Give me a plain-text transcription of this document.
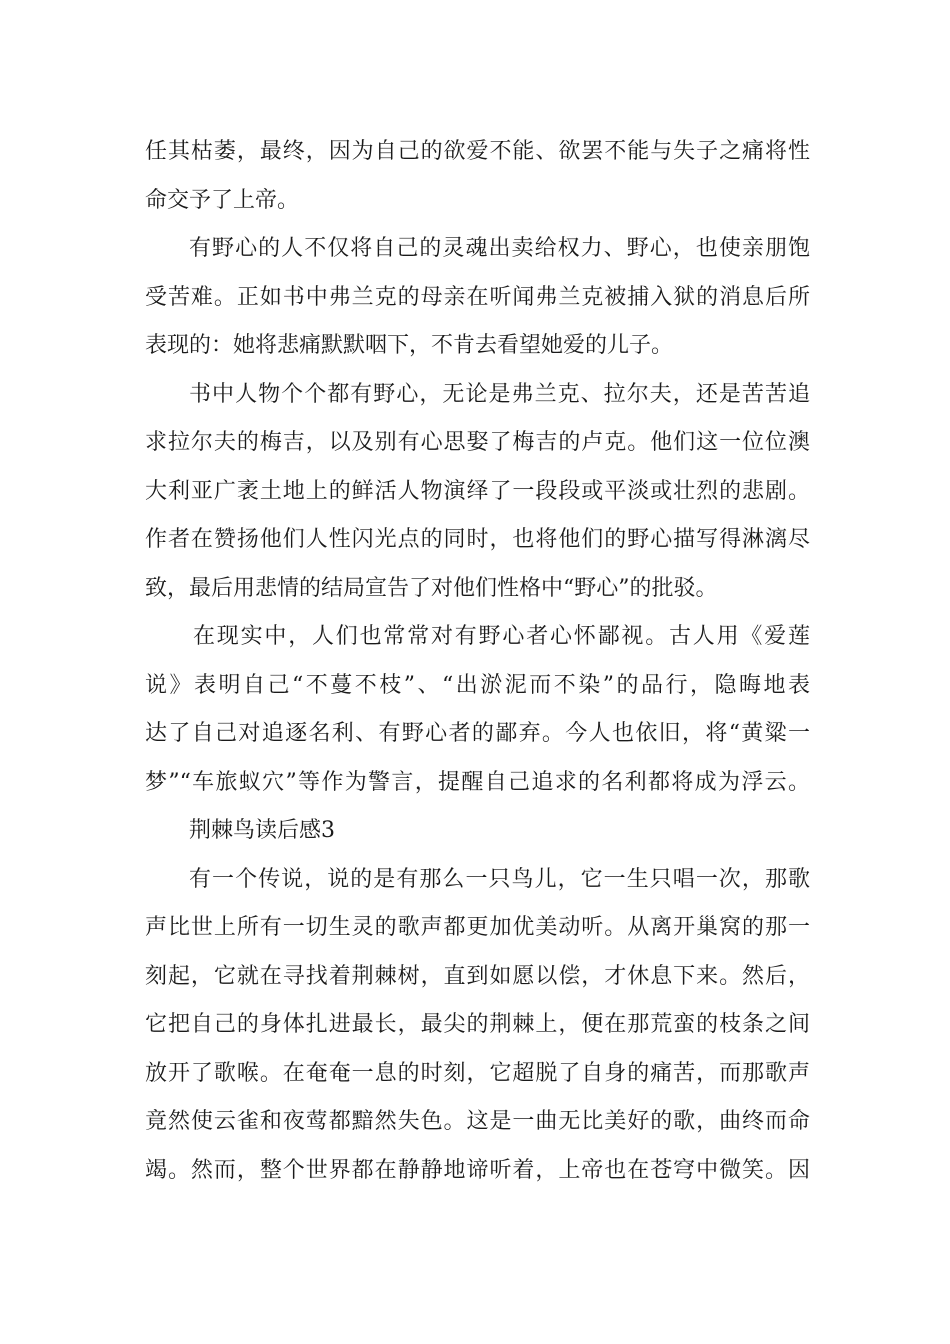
任其枯萎，最终，因为自己的欲爱不能、欲罢不能与失子之痛将性
命交予了上帝。
有野心的人不仅将自己的灵魂出卖给权力、野心，也使亲朋饱
受苦难。正如书中弗兰克的母亲在听闻弗兰克被捕入狱的消息后所
表现的：她将悲痛默默咽下，不肯去看望她爱的儿子。
书中人物个个都有野心，无论是弗兰克、拉尔夫，还是苦苦追
求拉尔夫的梅吉，以及别有心思娶了梅吉的卢克。他们这一位位澳
大利亚广袤土地上的鲜活人物演绎了一段段或平淡或壮烈的悲剧。
作者在赞扬他们人性闪光点的同时，也将他们的野心描写得淋漓尽
致，最后用悲情的结局宣告了对他们性格中“野心”的批驳。
在现实中，人们也常常对有野心者心怀鄙视。古人用《爱莲
说》表明自己“不蔓不枝”、“出淤泥而不染”的品行，隐晦地表
达了自己对追逐名利、有野心者的鄙弃。今人也依旧，将“黄粱一
梦”“车旅蚁穴”等作为警言，提醒自己追求的名利都将成为浮云。
荆棘鸟读后感3
有一个传说，说的是有那么一只鸟儿，它一生只唱一次，那歌
声比世上所有一切生灵的歌声都更加优美动听。从离开巢窝的那一
刻起，它就在寻找着荆棘树，直到如愿以偿，才休息下来。然后，
它把自己的身体扎进最长，最尖的荆棘上，便在那荒蛮的枝条之间
放开了歌喉。在奄奄一息的时刻，它超脱了自身的痛苦，而那歌声
竟然使云雀和夜莺都黯然失色。这是一曲无比美好的歌，曲终而命
竭。然而，整个世界都在静静地谛听着，上帝也在苍穹中微笑。因
